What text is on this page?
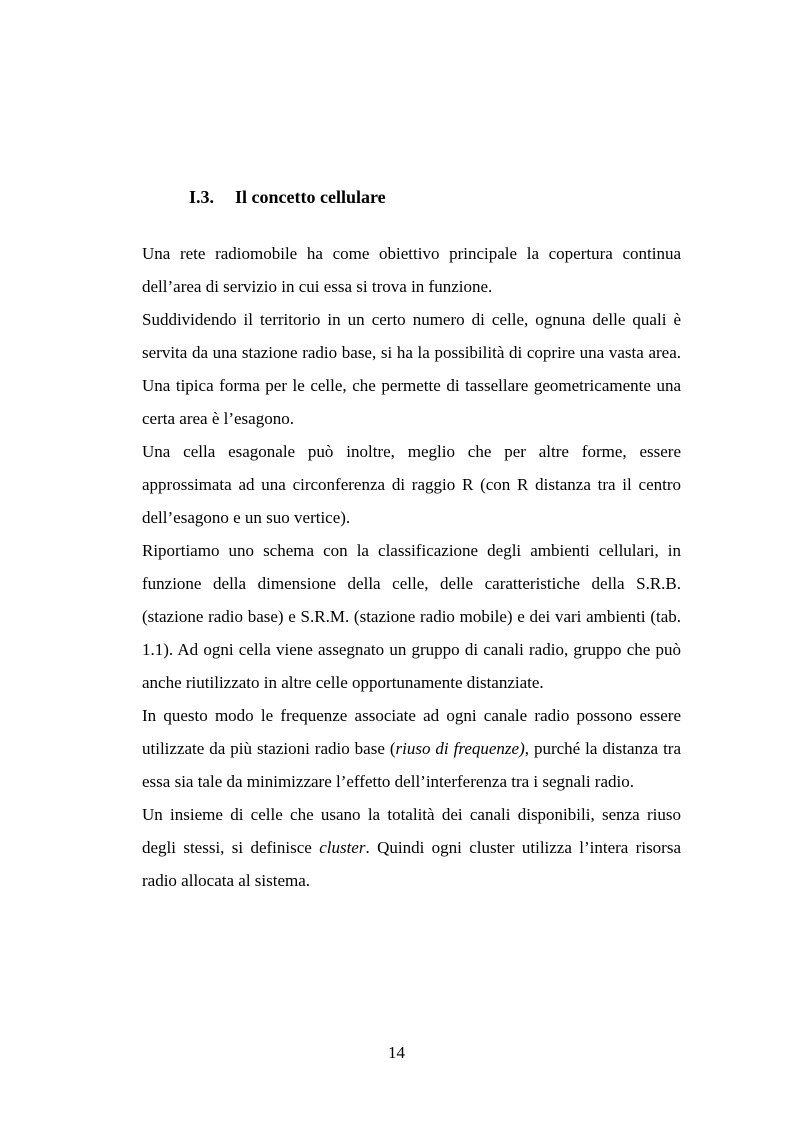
I.3. Il concetto cellulare

Una rete radiomobile ha come obiettivo principale la copertura continua dell’area di servizio in cui essa si trova in funzione.

Suddividendo il territorio in un certo numero di celle, ognuna delle quali è servita da una stazione radio base, si ha la possibilità di coprire una vasta area. Una tipica forma per le celle, che permette di tassellare geometricamente una certa area è l’esagono.

Una cella esagonale può inoltre, meglio che per altre forme, essere approssimata ad una circonferenza di raggio R (con R distanza tra il centro dell’esagono e un suo vertice).

Riportiamo uno schema con la classificazione degli ambienti cellulari, in funzione della dimensione della celle, delle caratteristiche della S.R.B. (stazione radio base) e S.R.M. (stazione radio mobile) e dei vari ambienti (tab. 1.1). Ad ogni cella viene assegnato un gruppo di canali radio, gruppo che può anche riutilizzato in altre celle opportunamente distanziate.

In questo modo le frequenze associate ad ogni canale radio possono essere utilizzate da più stazioni radio base (riuso di frequenze), purché la distanza tra essa sia tale da minimizzare l’effetto dell’interferenza tra i segnali radio.

Un insieme di celle che usano la totalità dei canali disponibili, senza riuso degli stessi, si definisce cluster. Quindi ogni cluster utilizza l’intera risorsa radio allocata al sistema.

14
